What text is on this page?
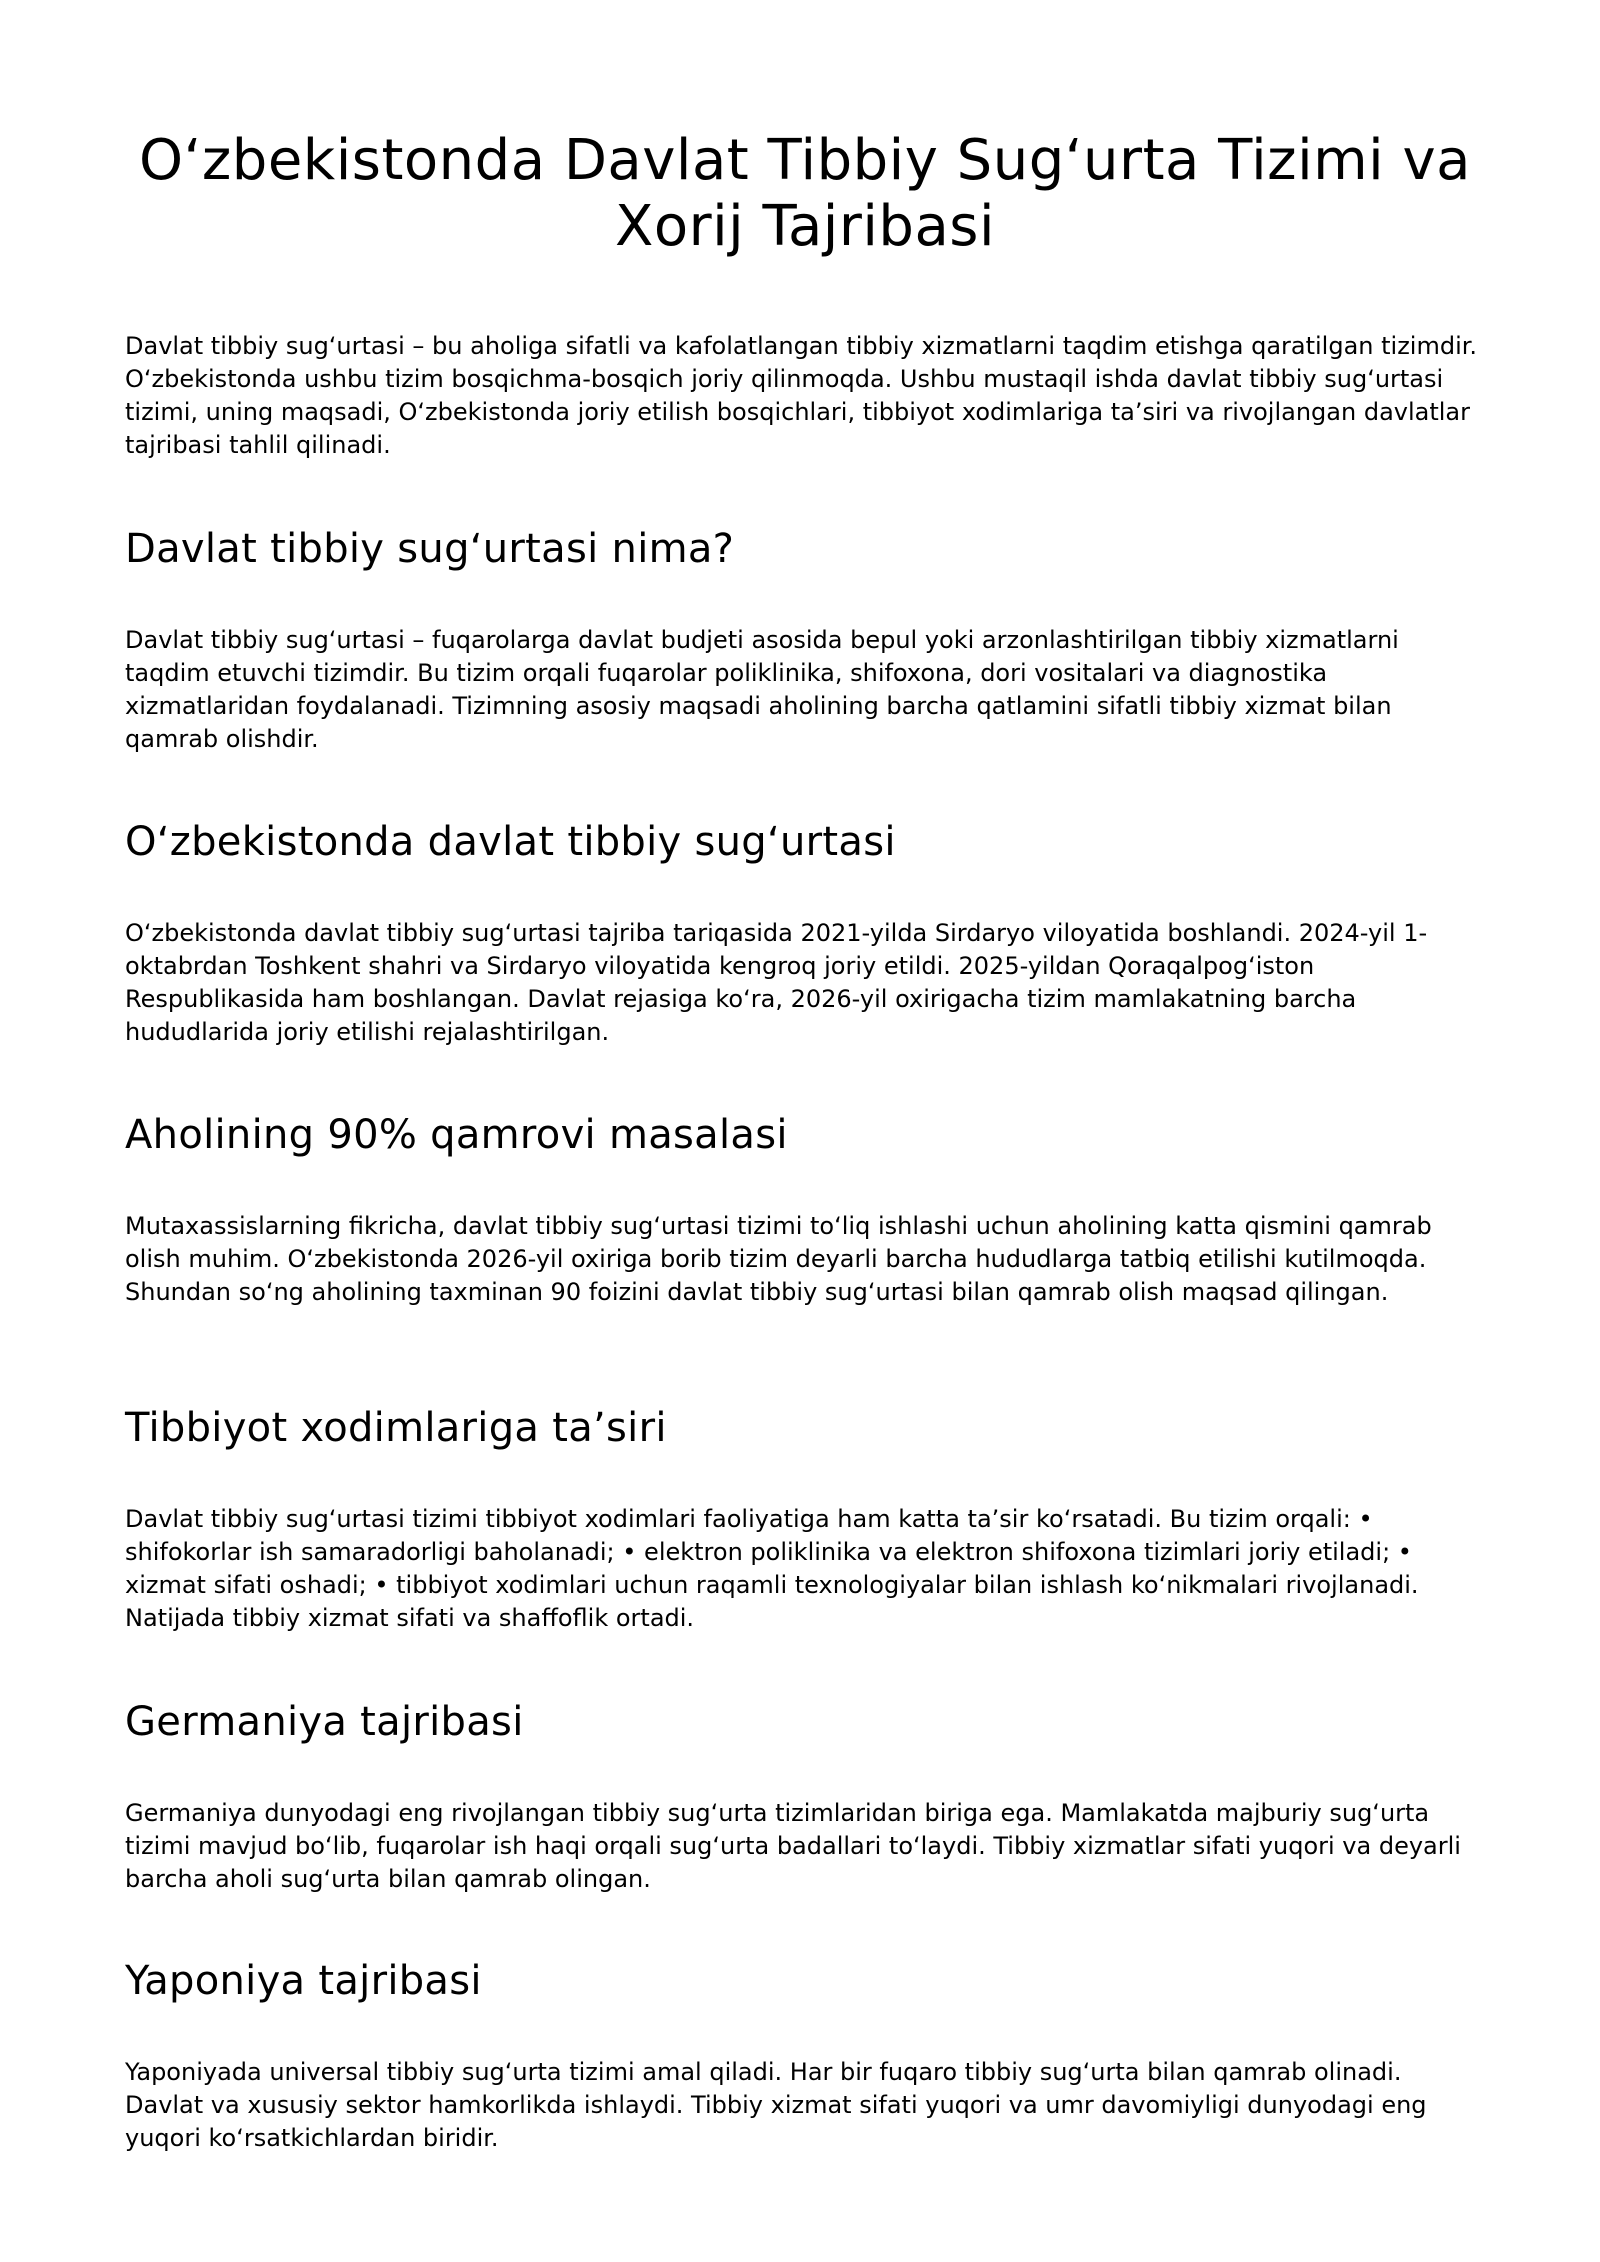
O‘zbekistonda Davlat Tibbiy Sug‘urta Tizimi va Xorij Tajribasi

Davlat tibbiy sug‘urtasi – bu aholiga sifatli va kafolatlangan tibbiy xizmatlarni taqdim etishga qaratilgan tizimdir. O‘zbekistonda ushbu tizim bosqichma-bosqich joriy qilinmoqda. Ushbu mustaqil ishda davlat tibbiy sug‘urtasi tizimi, uning maqsadi, O‘zbekistonda joriy etilish bosqichlari, tibbiyot xodimlariga ta’siri va rivojlangan davlatlar tajribasi tahlil qilinadi.

Davlat tibbiy sug‘urtasi nima?

Davlat tibbiy sug‘urtasi – fuqarolarga davlat budjeti asosida bepul yoki arzonlashtirilgan tibbiy xizmatlarni taqdim etuvchi tizimdir. Bu tizim orqali fuqarolar poliklinika, shifoxona, dori vositalari va diagnostika xizmatlaridan foydalanadi. Tizimning asosiy maqsadi aholining barcha qatlamini sifatli tibbiy xizmat bilan qamrab olishdir.

O‘zbekistonda davlat tibbiy sug‘urtasi

O‘zbekistonda davlat tibbiy sug‘urtasi tajriba tariqasida 2021-yilda Sirdaryo viloyatida boshlandi. 2024-yil 1-oktabrdan Toshkent shahri va Sirdaryo viloyatida kengroq joriy etildi. 2025-yildan Qoraqalpog‘iston Respublikasida ham boshlangan. Davlat rejasiga ko‘ra, 2026-yil oxirigacha tizim mamlakatning barcha hududlarida joriy etilishi rejalashtirilgan.

Aholining 90% qamrovi masalasi

Mutaxassislarning fikricha, davlat tibbiy sug‘urtasi tizimi to‘liq ishlashi uchun aholining katta qismini qamrab olish muhim. O‘zbekistonda 2026-yil oxiriga borib tizim deyarli barcha hududlarga tatbiq etilishi kutilmoqda. Shundan so‘ng aholining taxminan 90 foizini davlat tibbiy sug‘urtasi bilan qamrab olish maqsad qilingan.

Tibbiyot xodimlariga ta’siri

Davlat tibbiy sug‘urtasi tizimi tibbiyot xodimlari faoliyatiga ham katta ta’sir ko‘rsatadi. Bu tizim orqali: • shifokorlar ish samaradorligi baholanadi; • elektron poliklinika va elektron shifoxona tizimlari joriy etiladi; • xizmat sifati oshadi; • tibbiyot xodimlari uchun raqamli texnologiyalar bilan ishlash ko‘nikmalari rivojlanadi. Natijada tibbiy xizmat sifati va shaffoflik ortadi.

Germaniya tajribasi

Germaniya dunyodagi eng rivojlangan tibbiy sug‘urta tizimlaridan biriga ega. Mamlakatda majburiy sug‘urta tizimi mavjud bo‘lib, fuqarolar ish haqi orqali sug‘urta badallari to‘laydi. Tibbiy xizmatlar sifati yuqori va deyarli barcha aholi sug‘urta bilan qamrab olingan.

Yaponiya tajribasi

Yaponiyada universal tibbiy sug‘urta tizimi amal qiladi. Har bir fuqaro tibbiy sug‘urta bilan qamrab olinadi. Davlat va xususiy sektor hamkorlikda ishlaydi. Tibbiy xizmat sifati yuqori va umr davomiyligi dunyodagi eng yuqori ko‘rsatkichlardan biridir.
